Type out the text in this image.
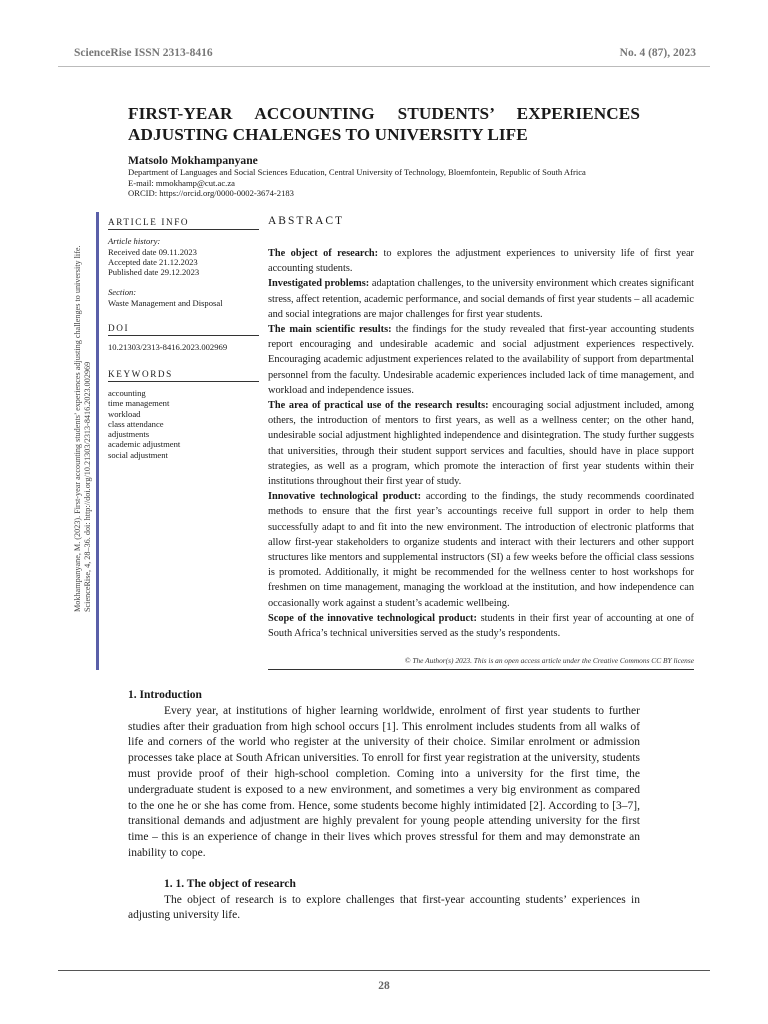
ScienceRise ISSN 2313-8416	No. 4 (87), 2023
FIRST-YEAR ACCOUNTING STUDENTS’ EXPERIENCES ADJUSTING CHALENGES TO UNIVERSITY LIFE
Matsolo Mokhampanyane
Department of Languages and Social Sciences Education, Central University of Technology, Bloemfontein, Republic of South Africa
E-mail: mmokhamp@cut.ac.za
ORCID: https://orcid.org/0000-0002-3674-2183
Mokhampanyane, M. (2023). First-year accounting students’ experiences adjusting challenges to university life. ScienceRise, 4, 28–36. doi: http://doi.org/10.21303/2313-8416.2023.002969
ARTICLE INFO
Article history:
Received date 09.11.2023
Accepted date 21.12.2023
Published date 29.12.2023
Section:
Waste Management and Disposal
DOI
10.21303/2313-8416.2023.002969
KEYWORDS
accounting
time management
workload
class attendance
adjustments
academic adjustment
social adjustment
ABSTRACT

The object of research: to explores the adjustment experiences to university life of first year accounting students.

Investigated problems: adaptation challenges, to the university environment which creates significant stress, affect retention, academic performance, and social demands of first year students – all academic and social integrations are major challenges for first year students.

The main scientific results: the findings for the study revealed that first-year accounting students report encouraging and undesirable academic and social adjustment experiences respectively. Encouraging academic adjustment experiences related to the availability of support from departmental personnel from the faculty. Undesirable academic experiences included lack of time management, and workload and independence issues.

The area of practical use of the research results: encouraging social adjustment included, among others, the introduction of mentors to first years, as well as a wellness center; on the other hand, undesirable social adjustment highlighted independence and disintegration. The study further suggests that universities, through their student support services and faculties, should have in place support strategies, as well as a program, which promote the interaction of first year students within their institutions throughout their first year of study.

Innovative technological product: according to the findings, the study recommends coordinated methods to ensure that the first year’s accountings receive full support in order to help them successfully adapt to and fit into the new environment. The introduction of electronic platforms that allow first-year stakeholders to organize students and interact with their lecturers and other support structures like mentors and supplemental instructors (SI) a few weeks before the official class sessions is promoted. Additionally, it might be recommended for the wellness center to host workshops for freshmen on time management, managing the workload at the institution, and how independence can occasionally work against a student’s academic wellbeing.

Scope of the innovative technological product: students in their first year of accounting at one of South Africa’s technical universities served as the study’s respondents.

© The Author(s) 2023. This is an open access article under the Creative Commons CC BY license

1. Introduction

Every year, at institutions of higher learning worldwide, enrolment of first year students to further studies after their graduation from high school occurs [1]. This enrolment includes students from all walks of life and corners of the world who register at the university of their choice. Similar enrolment or admission processes take place at South African universities. To enroll for first year registration at the university, students must provide proof of their high-school completion. Coming into a university for the first time, the undergraduate student is exposed to a new environment, and sometimes a very big environment as compared to the one he or she has come from. Hence, some students become highly intimidated [2]. According to [3–7], transitional demands and adjustment are highly prevalent for young people attending university for the first time – this is an experience of change in their lives which proves stressful for them and may demonstrate an inability to cope.

1. 1. The object of research

The object of research is to explore challenges that first-year accounting students’ experiences in adjusting university life.

28
